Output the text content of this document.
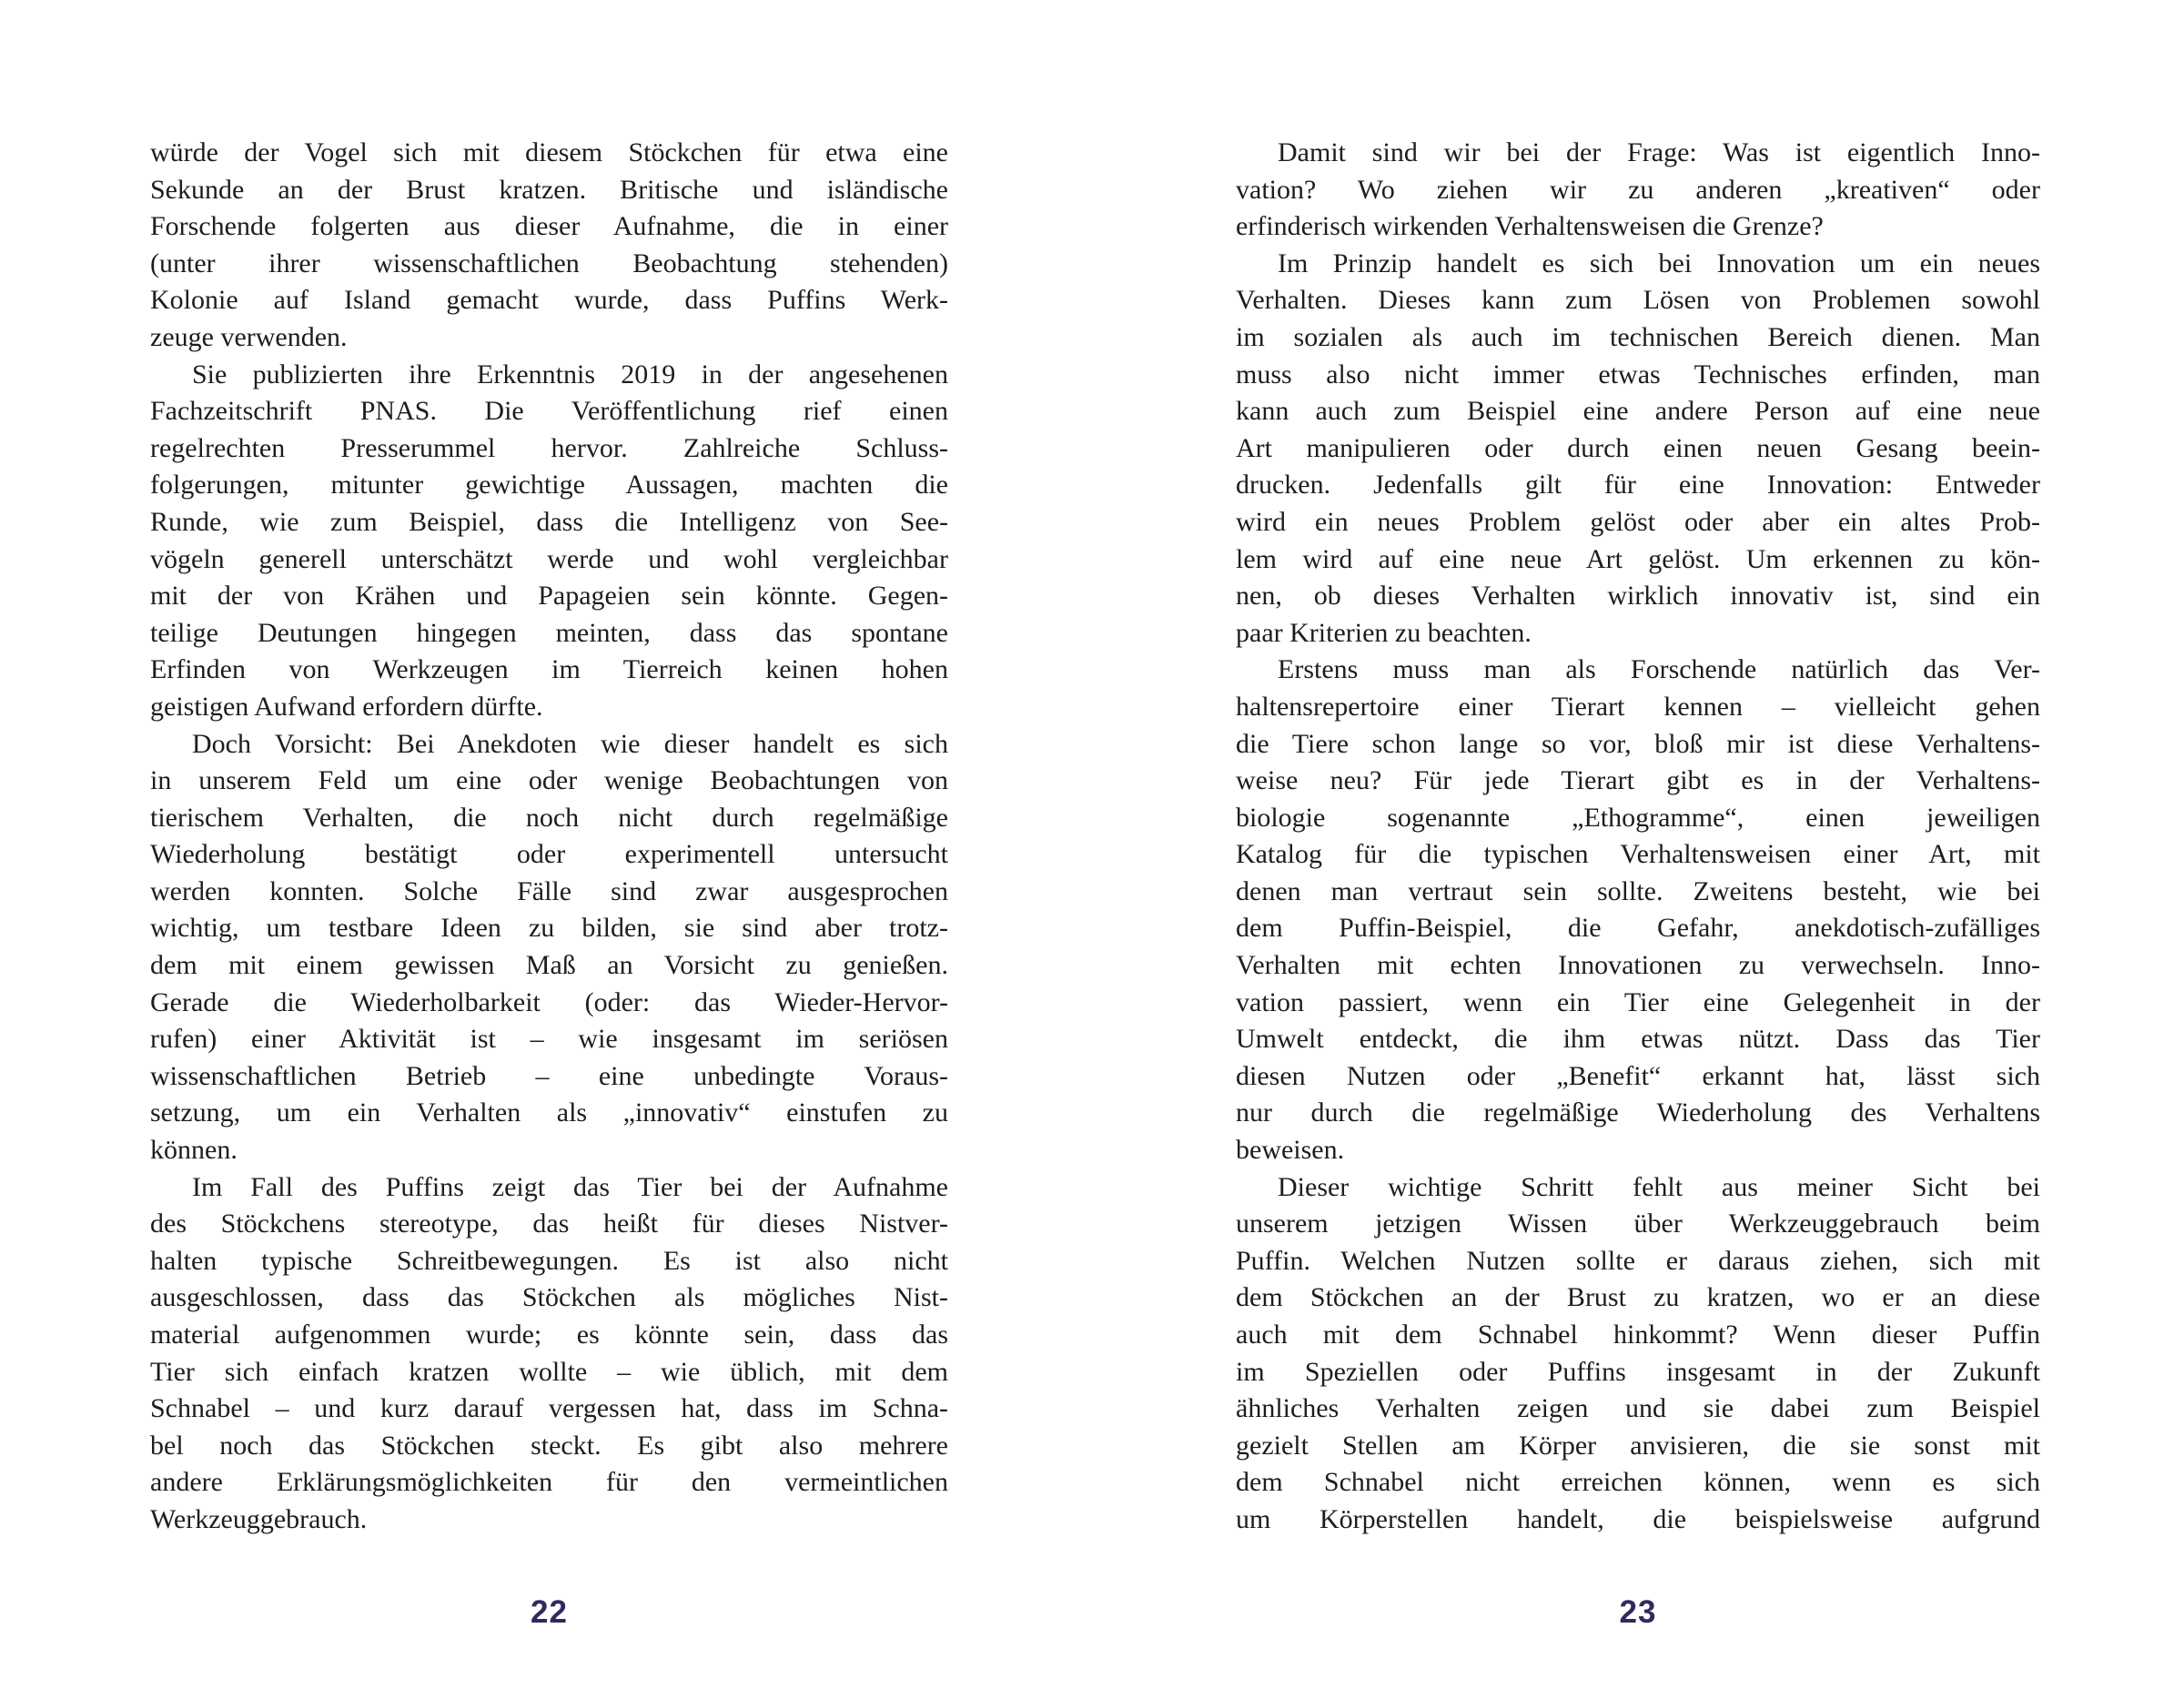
würde der Vogel sich mit diesem Stöckchen für etwa eine
Sekunde an der Brust kratzen. Britische und isländische
Forschende folgerten aus dieser Aufnahme, die in einer
(unter ihrer wissenschaftlichen Beobachtung stehenden)
Kolonie auf Island gemacht wurde, dass Puffins Werk-
zeuge verwenden.
Sie publizierten ihre Erkenntnis 2019 in der angesehenen
Fachzeitschrift PNAS. Die Veröffentlichung rief einen
regelrechten Presserummel hervor. Zahlreiche Schluss-
folgerungen, mitunter gewichtige Aussagen, machten die
Runde, wie zum Beispiel, dass die Intelligenz von See-
vögeln generell unterschätzt werde und wohl vergleichbar
mit der von Krähen und Papageien sein könnte. Gegen-
teilige Deutungen hingegen meinten, dass das spontane
Erfinden von Werkzeugen im Tierreich keinen hohen
geistigen Aufwand erfordern dürfte.
Doch Vorsicht: Bei Anekdoten wie dieser handelt es sich
in unserem Feld um eine oder wenige Beobachtungen von
tierischem Verhalten, die noch nicht durch regelmäßige
Wiederholung bestätigt oder experimentell untersucht
werden konnten. Solche Fälle sind zwar ausgesprochen
wichtig, um testbare Ideen zu bilden, sie sind aber trotz-
dem mit einem gewissen Maß an Vorsicht zu genießen.
Gerade die Wiederholbarkeit (oder: das Wieder-Hervor-
rufen) einer Aktivität ist – wie insgesamt im seriösen
wissenschaftlichen Betrieb – eine unbedingte Voraus-
setzung, um ein Verhalten als „innovativ“ einstufen zu
können.
Im Fall des Puffins zeigt das Tier bei der Aufnahme
des Stöckchens stereotype, das heißt für dieses Nistver-
halten typische Schreitbewegungen. Es ist also nicht
ausgeschlossen, dass das Stöckchen als mögliches Nist-
material aufgenommen wurde; es könnte sein, dass das
Tier sich einfach kratzen wollte – wie üblich, mit dem
Schnabel – und kurz darauf vergessen hat, dass im Schna-
bel noch das Stöckchen steckt. Es gibt also mehrere
andere Erklärungsmöglichkeiten für den vermeintlichen
Werkzeuggebrauch.
22
Damit sind wir bei der Frage: Was ist eigentlich Inno-
vation? Wo ziehen wir zu anderen „kreativen“ oder
erfinderisch wirkenden Verhaltensweisen die Grenze?
Im Prinzip handelt es sich bei Innovation um ein neues
Verhalten. Dieses kann zum Lösen von Problemen sowohl
im sozialen als auch im technischen Bereich dienen. Man
muss also nicht immer etwas Technisches erfinden, man
kann auch zum Beispiel eine andere Person auf eine neue
Art manipulieren oder durch einen neuen Gesang beein-
drucken. Jedenfalls gilt für eine Innovation: Entweder
wird ein neues Problem gelöst oder aber ein altes Prob-
lem wird auf eine neue Art gelöst. Um erkennen zu kön-
nen, ob dieses Verhalten wirklich innovativ ist, sind ein
paar Kriterien zu beachten.
Erstens muss man als Forschende natürlich das Ver-
haltensrepertoire einer Tierart kennen – vielleicht gehen
die Tiere schon lange so vor, bloß mir ist diese Verhaltens-
weise neu? Für jede Tierart gibt es in der Verhaltens-
biologie sogenannte „Ethogramme“, einen jeweiligen
Katalog für die typischen Verhaltensweisen einer Art, mit
denen man vertraut sein sollte. Zweitens besteht, wie bei
dem Puffin-Beispiel, die Gefahr, anekdotisch-zufälliges
Verhalten mit echten Innovationen zu verwechseln. Inno-
vation passiert, wenn ein Tier eine Gelegenheit in der
Umwelt entdeckt, die ihm etwas nützt. Dass das Tier
diesen Nutzen oder „Benefit“ erkannt hat, lässt sich
nur durch die regelmäßige Wiederholung des Verhaltens
beweisen.
Dieser wichtige Schritt fehlt aus meiner Sicht bei
unserem jetzigen Wissen über Werkzeuggebrauch beim
Puffin. Welchen Nutzen sollte er daraus ziehen, sich mit
dem Stöckchen an der Brust zu kratzen, wo er an diese
auch mit dem Schnabel hinkommt? Wenn dieser Puffin
im Speziellen oder Puffins insgesamt in der Zukunft
ähnliches Verhalten zeigen und sie dabei zum Beispiel
gezielt Stellen am Körper anvisieren, die sie sonst mit
dem Schnabel nicht erreichen können, wenn es sich
um Körperstellen handelt, die beispielsweise aufgrund
23
